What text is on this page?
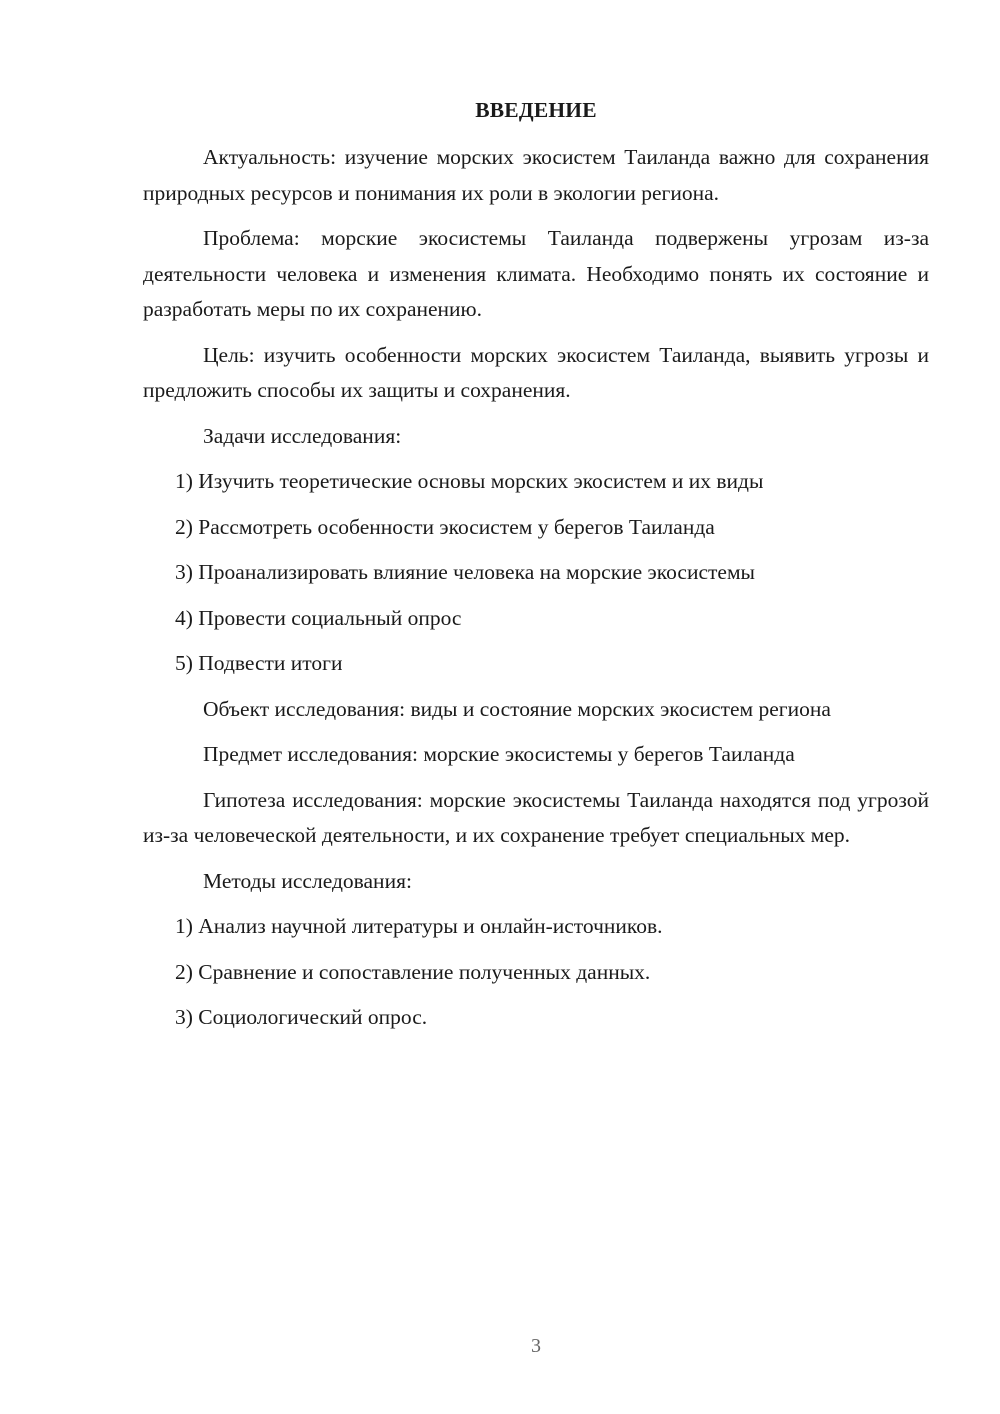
ВВЕДЕНИЕ

Актуальность: изучение морских экосистем Таиланда важно для сохранения природных ресурсов и понимания их роли в экологии региона.

Проблема: морские экосистемы Таиланда подвержены угрозам из-за деятельности человека и изменения климата. Необходимо понять их состояние и разработать меры по их сохранению.

Цель: изучить особенности морских экосистем Таиланда, выявить угрозы и предложить способы их защиты и сохранения.

Задачи исследования:

1) Изучить теоретические основы морских экосистем и их виды

2) Рассмотреть особенности экосистем у берегов Таиланда

3) Проанализировать влияние человека на морские экосистемы

4) Провести социальный опрос

5) Подвести итоги

Объект исследования: виды и состояние морских экосистем региона

Предмет исследования: морские экосистемы у берегов Таиланда

Гипотеза исследования: морские экосистемы Таиланда находятся под угрозой из-за человеческой деятельности, и их сохранение требует специальных мер.

Методы исследования:

1) Анализ научной литературы и онлайн-источников.

2) Сравнение и сопоставление полученных данных.

3) Социологический опрос.

3
